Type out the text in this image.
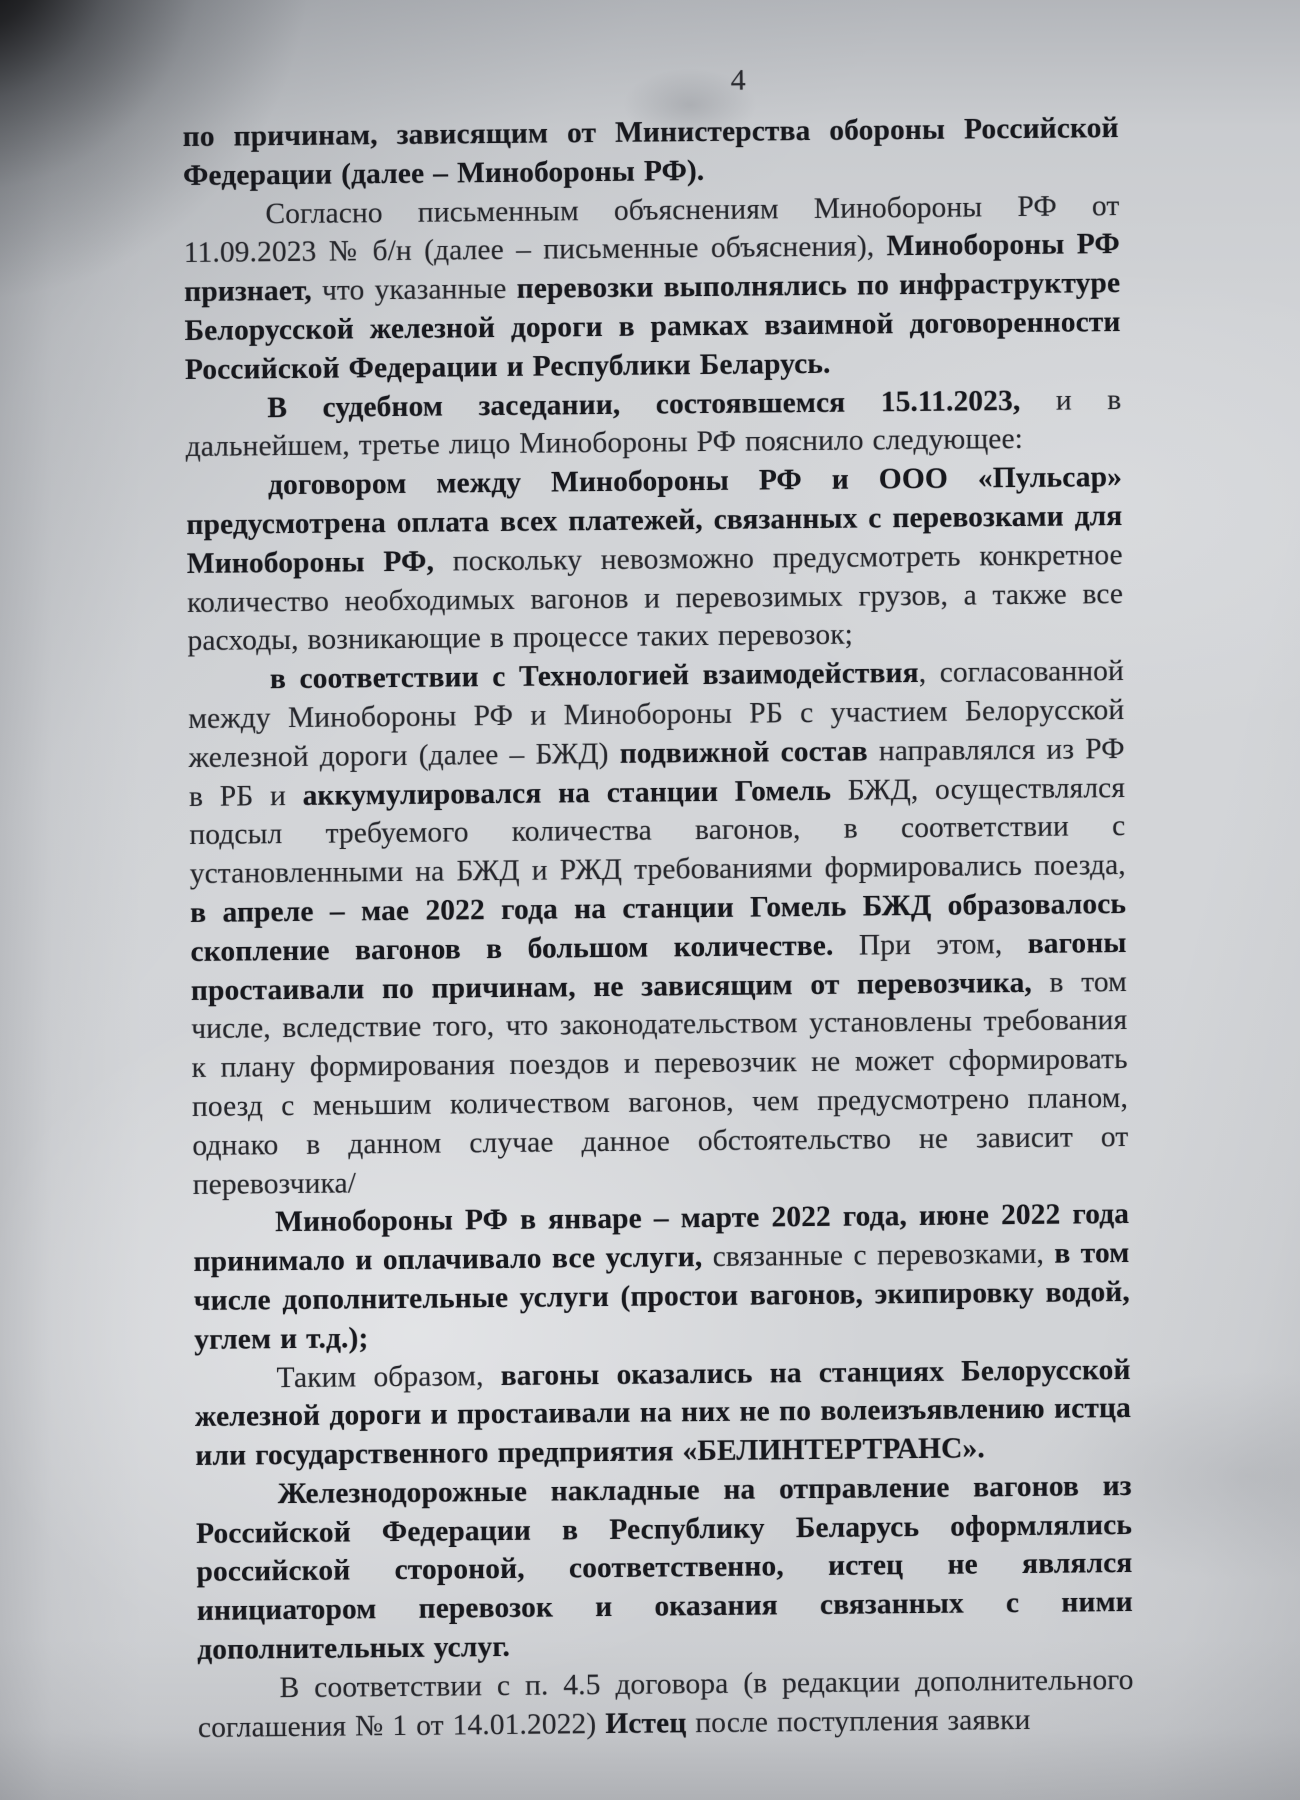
4

по причинам, зависящим от Министерства обороны Российской Федерации (далее – Минобороны РФ).

Согласно письменным объяснениям Минобороны РФ от 11.09.2023 № б/н (далее – письменные объяснения), Минобороны РФ признает, что указанные перевозки выполнялись по инфраструктуре Белорусской железной дороги в рамках взаимной договоренности Российской Федерации и Республики Беларусь.

В судебном заседании, состоявшемся 15.11.2023, и в дальнейшем, третье лицо Минобороны РФ пояснило следующее:

договором между Минобороны РФ и ООО «Пульсар» предусмотрена оплата всех платежей, связанных с перевозками для Минобороны РФ, поскольку невозможно предусмотреть конкретное количество необходимых вагонов и перевозимых грузов, а также все расходы, возникающие в процессе таких перевозок;

в соответствии с Технологией взаимодействия, согласованной между Минобороны РФ и Минобороны РБ с участием Белорусской железной дороги (далее – БЖД) подвижной состав направлялся из РФ в РБ и аккумулировался на станции Гомель БЖД, осуществлялся подсыл требуемого количества вагонов, в соответствии с установленными на БЖД и РЖД требованиями формировались поезда, в апреле – мае 2022 года на станции Гомель БЖД образовалось скопление вагонов в большом количестве. При этом, вагоны простаивали по причинам, не зависящим от перевозчика, в том числе, вследствие того, что законодательством установлены требования к плану формирования поездов и перевозчик не может сформировать поезд с меньшим количеством вагонов, чем предусмотрено планом, однако в данном случае данное обстоятельство не зависит от перевозчика/

Минобороны РФ в январе – марте 2022 года, июне 2022 года принимало и оплачивало все услуги, связанные с перевозками, в том числе дополнительные услуги (простои вагонов, экипировку водой, углем и т.д.);

Таким образом, вагоны оказались на станциях Белорусской железной дороги и простаивали на них не по волеизъявлению истца или государственного предприятия «БЕЛИНТЕРТРАНС».

Железнодорожные накладные на отправление вагонов из Российской Федерации в Республику Беларусь оформлялись российской стороной, соответственно, истец не являлся инициатором перевозок и оказания связанных с ними дополнительных услуг.

В соответствии с п. 4.5 договора (в редакции дополнительного соглашения № 1 от 14.01.2022) Истец после поступления заявки
